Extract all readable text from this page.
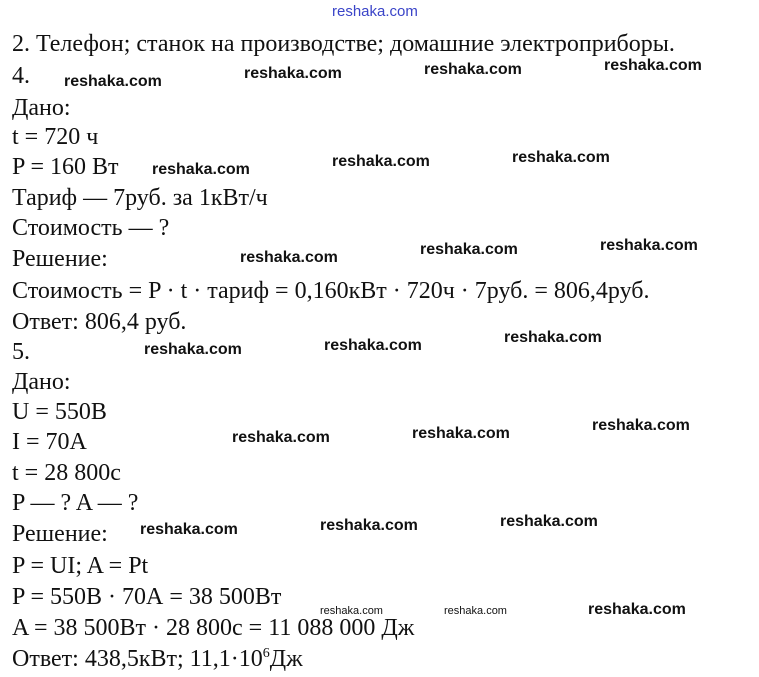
reshaka.com
2. Телефон; станок на производстве; домашние электроприборы.
4.
Дано:
t = 720 ч
P = 160 Вт
Тариф — 7руб. за 1кВт/ч
Стоимость — ?
Решение:
Стоимость = P · t · тариф = 0,160кВт · 720ч · 7руб. = 806,4руб.
Ответ: 806,4 руб.
5.
Дано:
U = 550В
I = 70А
t = 28 800с
P — ? A — ?
Решение:
P = UI; A = Pt
P = 550В · 70А = 38 500Вт
A = 38 500Вт · 28 800с = 11 088 000 Дж
Ответ: 438,5кВт; $11,1\cdot 10^6Дж$
reshaka.com	reshaka.com	reshaka.com	reshaka.com
reshaka.com	reshaka.com	reshaka.com
reshaka.com	reshaka.com	reshaka.com
reshaka.com	reshaka.com	reshaka.com
reshaka.com	reshaka.com	reshaka.com
reshaka.com	reshaka.com	reshaka.com
reshaka.com	reshaka.com	reshaka.com
